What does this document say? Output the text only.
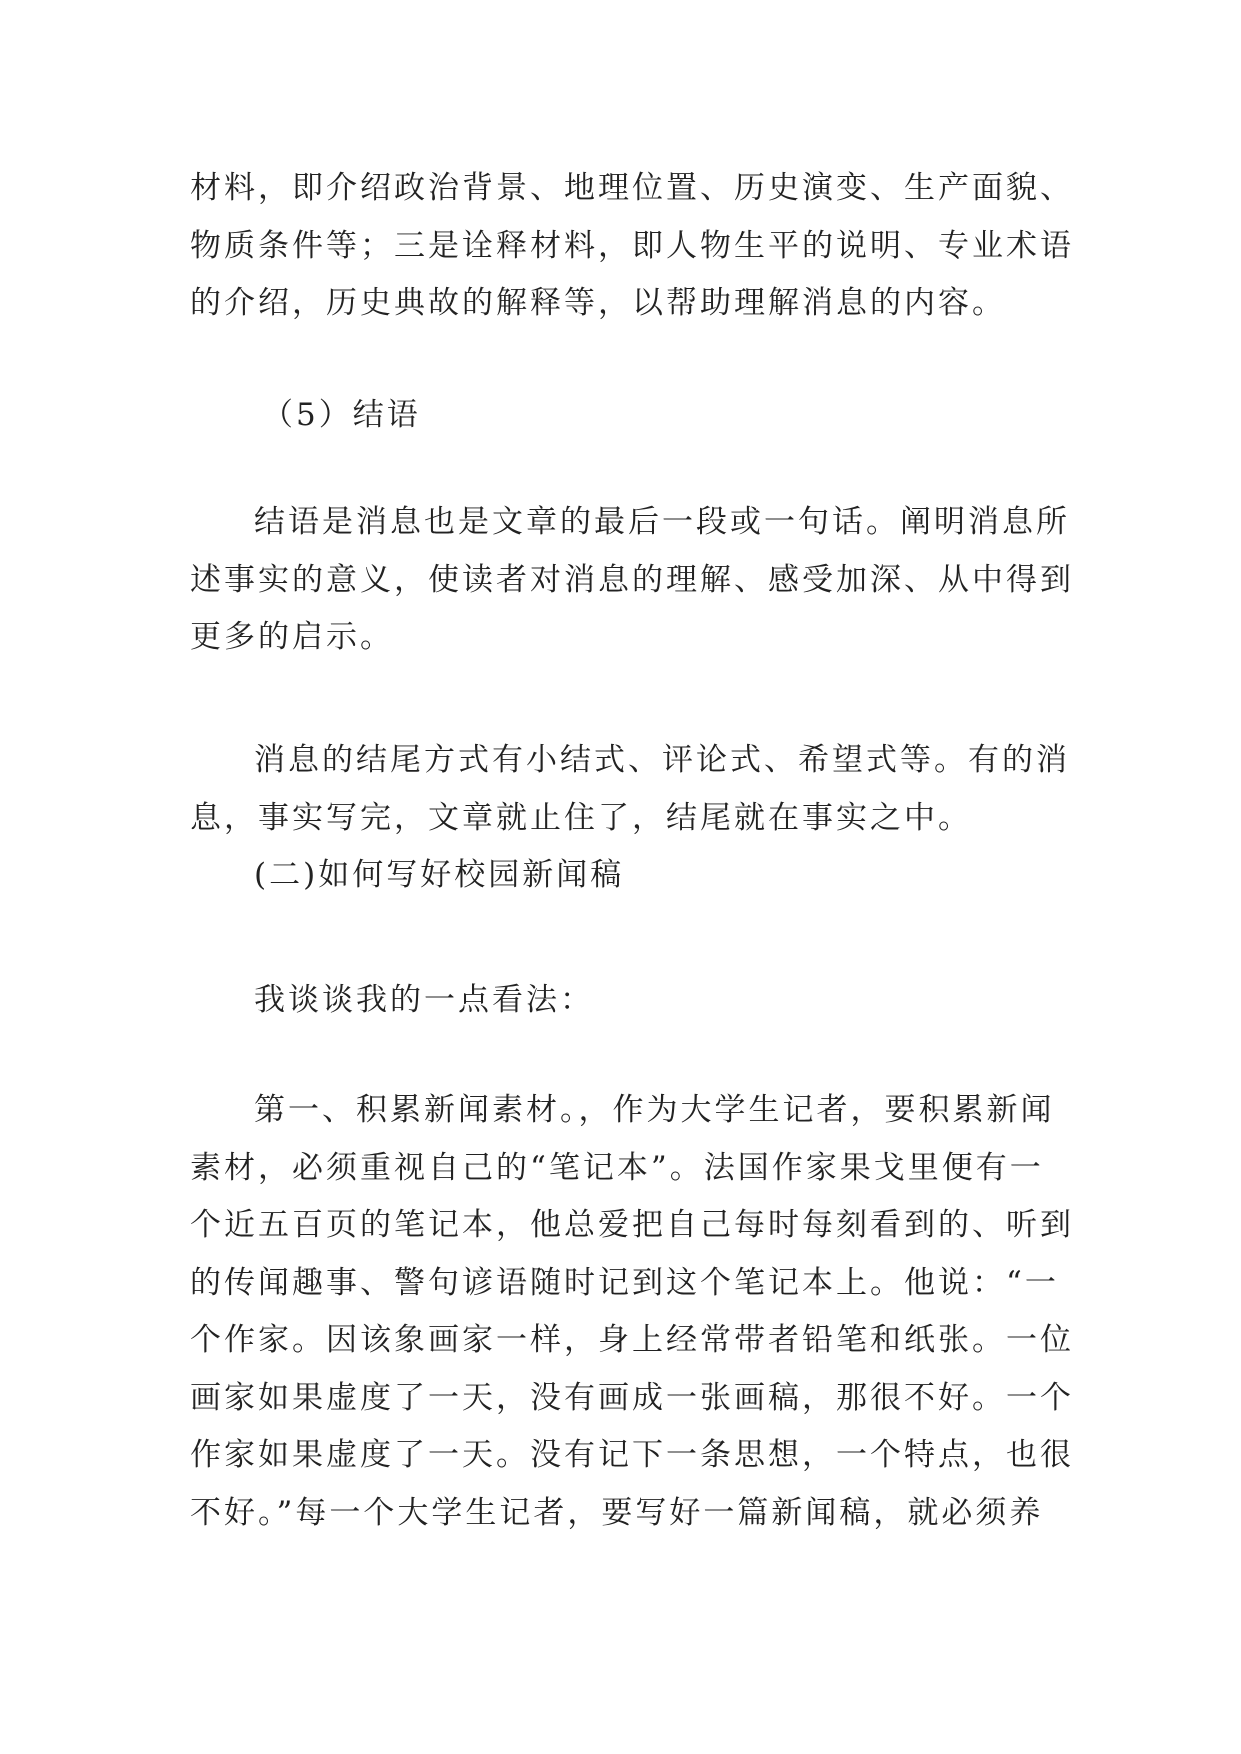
材料，即介绍政治背景、地理位置、历史演变、生产面貌、
物质条件等；三是诠释材料，即人物生平的说明、专业术语
的介绍，历史典故的解释等，以帮助理解消息的内容。
（5）结语
结语是消息也是文章的最后一段或一句话。阐明消息所
述事实的意义，使读者对消息的理解、感受加深、从中得到
更多的启示。
消息的结尾方式有小结式、评论式、希望式等。有的消
息，事实写完，文章就止住了，结尾就在事实之中。
(二)如何写好校园新闻稿
我谈谈我的一点看法：
第一、积累新闻素材。，作为大学生记者，要积累新闻
素材，必须重视自己的“笔记本”。法国作家果戈里便有一
个近五百页的笔记本，他总爱把自己每时每刻看到的、听到
的传闻趣事、警句谚语随时记到这个笔记本上。他说：“一
个作家。因该象画家一样，身上经常带者铅笔和纸张。一位
画家如果虚度了一天，没有画成一张画稿，那很不好。一个
作家如果虚度了一天。没有记下一条思想，一个特点，也很
不好。”每一个大学生记者，要写好一篇新闻稿，就必须养
